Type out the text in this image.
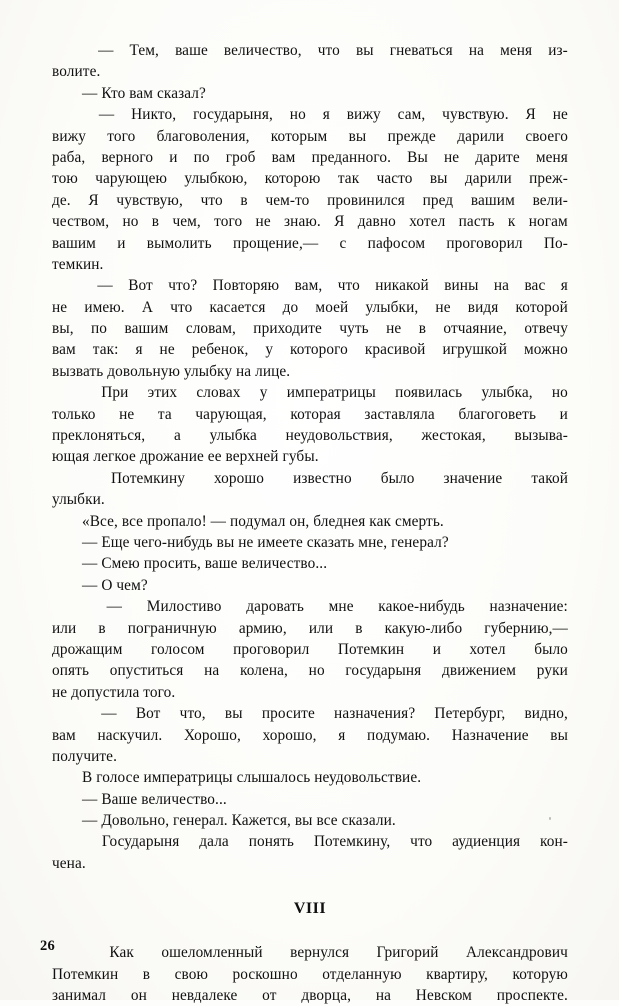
— Тем, ваше величество, что вы гневаться на меня из-
волите.
— Кто вам сказал?
— Никто, государыня, но я вижу сам, чувствую. Я не
вижу того благоволения, которым вы прежде дарили своего
раба, верного и по гроб вам преданного. Вы не дарите меня
тою чарующею улыбкою, которою так часто вы дарили преж-
де. Я чувствую, что в чем-то провинился пред вашим вели-
чеством, но в чем, того не знаю. Я давно хотел пасть к ногам
вашим и вымолить прощение,— с пафосом проговорил По-
темкин.
— Вот что? Повторяю вам, что никакой вины на вас я
не имею. А что касается до моей улыбки, не видя которой
вы, по вашим словам, приходите чуть не в отчаяние, отвечу
вам так: я не ребенок, у которого красивой игрушкой можно
вызвать довольную улыбку на лице.
При этих словах у императрицы появилась улыбка, но
только не та чарующая, которая заставляла благоговеть и
преклоняться, а улыбка неудовольствия, жестокая, вызыва-
ющая легкое дрожание ее верхней губы.
Потемкину хорошо известно было значение такой
улыбки.
«Все, все пропало! — подумал он, бледнея как смерть.
— Еще чего-нибудь вы не имеете сказать мне, генерал?
— Смею просить, ваше величество...
— О чем?
— Милостиво даровать мне какое-нибудь назначение:
или в пограничную армию, или в какую-либо губернию,—
дрожащим голосом проговорил Потемкин и хотел было
опять опуститься на колена, но государыня движением руки
не допустила того.
— Вот что, вы просите назначения? Петербург, видно,
вам наскучил. Хорошо, хорошо, я подумаю. Назначение вы
получите.
В голосе императрицы слышалось неудовольствие.
— Ваше величество...
— Довольно, генерал. Кажется, вы все сказали.
Государыня дала понять Потемкину, что аудиенция кон-
чена.
VIII
Как ошеломленный вернулся Григорий Александрович
Потемкин в свою роскошно отделанную квартиру, которую
занимал он невдалеке от дворца, на Невском проспекте.
26
